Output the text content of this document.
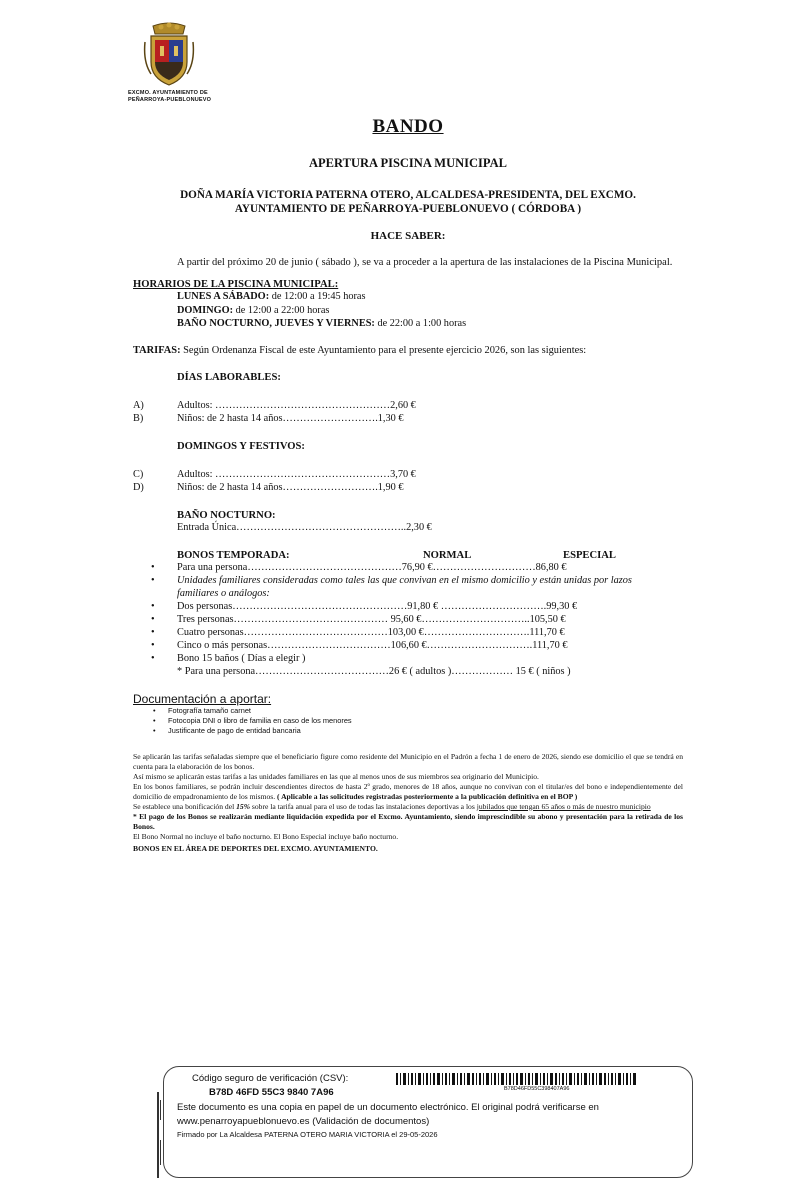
EXCMO. AYUNTAMIENTO DE
PEÑARROYA-PUEBLONUEVO
BANDO
APERTURA PISCINA MUNICIPAL
DOÑA MARÍA VICTORIA PATERNA OTERO, ALCALDESA-PRESIDENTA, DEL EXCMO. AYUNTAMIENTO DE PEÑARROYA-PUEBLONUEVO ( CÓRDOBA )
HACE SABER:
A partir del próximo 20 de junio ( sábado ), se va a proceder a la apertura de las instalaciones de la Piscina Municipal.
HORARIOS DE LA PISCINA MUNICIPAL:
LUNES A SÁBADO: de 12:00 a 19:45 horas
DOMINGO: de 12:00 a 22:00 horas
BAÑO NOCTURNO, JUEVES Y VIERNES: de 22:00 a 1:00 horas
TARIFAS: Según Ordenanza Fiscal de este Ayuntamiento para el presente ejercicio 2026, son las siguientes:
DÍAS LABORABLES:
A)	Adultos: ……………………………………………2,60 €
B)	Niños: de 2 hasta 14 años……………………….1,30 €
DOMINGOS Y FESTIVOS:
C)	Adultos: ……………………………………………3,70 €
D)	Niños: de 2 hasta 14 años……………………….1,90 €
BAÑO NOCTURNO:
Entrada Única…………………………………………..2,30 €
BONOS TEMPORADA:	NORMAL	ESPECIAL
•	Para una persona………………………………………76,90 €…………………………86,80 €
•	Unidades familiares consideradas como tales las que convivan en el mismo domicilio y están unidas por lazos familiares o análogos:
•	Dos personas……………………………………………91,80 € ………………………….99,30 €
•	Tres personas……………………………………… 95,60 €…………………………..105,50 €
•	Cuatro personas……………………………………103,00 €………………………….111,70 €
•	Cinco o más personas………………………………106,60 €………………………….111,70 €
•	Bono 15 baños ( Días a elegir )
* Para una persona…………………………………26 € ( adultos )……………… 15 € ( niños )
Documentación a aportar:
• Fotografía tamaño carnet
• Fotocopia DNI o libro de familia en caso de los menores
• Justificante de pago de entidad bancaria
Se aplicarán las tarifas señaladas siempre que el beneficiario figure como residente del Municipio en el Padrón a fecha 1 de enero de 2026, siendo ese domicilio el que se tendrá en cuenta para la elaboración de los bonos.
Así mismo se aplicarán estas tarifas a las unidades familiares en las que al menos unos de sus miembros sea originario del Municipio.
En los bonos familiares, se podrán incluir descendientes directos de hasta 2º grado, menores de 18 años, aunque no convivan con el titular/es del bono e independientemente del domicilio de empadronamiento de los mismos. ( Aplicable a las solicitudes registradas posteriormente a la publicación definitiva en el BOP )
Se establece una bonificación del 15% sobre la tarifa anual para el uso de todas las instalaciones deportivas a los jubilados que tengan 65 años o más de nuestro municipio
* El pago de los Bonos se realizarán mediante liquidación expedida por el Excmo. Ayuntamiento, siendo imprescindible su abono y presentación para la retirada de los Bonos.
El Bono Normal no incluye el baño nocturno. El Bono Especial incluye baño nocturno.
BONOS EN EL ÁREA DE DEPORTES DEL EXCMO. AYUNTAMIENTO.
Código seguro de verificación (CSV):
B78D 46FD 55C3 9840 7A96	B78D46FD55C398407A96
Este documento es una copia en papel de un documento electrónico. El original podrá verificarse en
www.penarroyapueblonuevo.es (Validación de documentos)
Firmado por La Alcaldesa PATERNA OTERO MARIA VICTORIA el 29-05-2026
